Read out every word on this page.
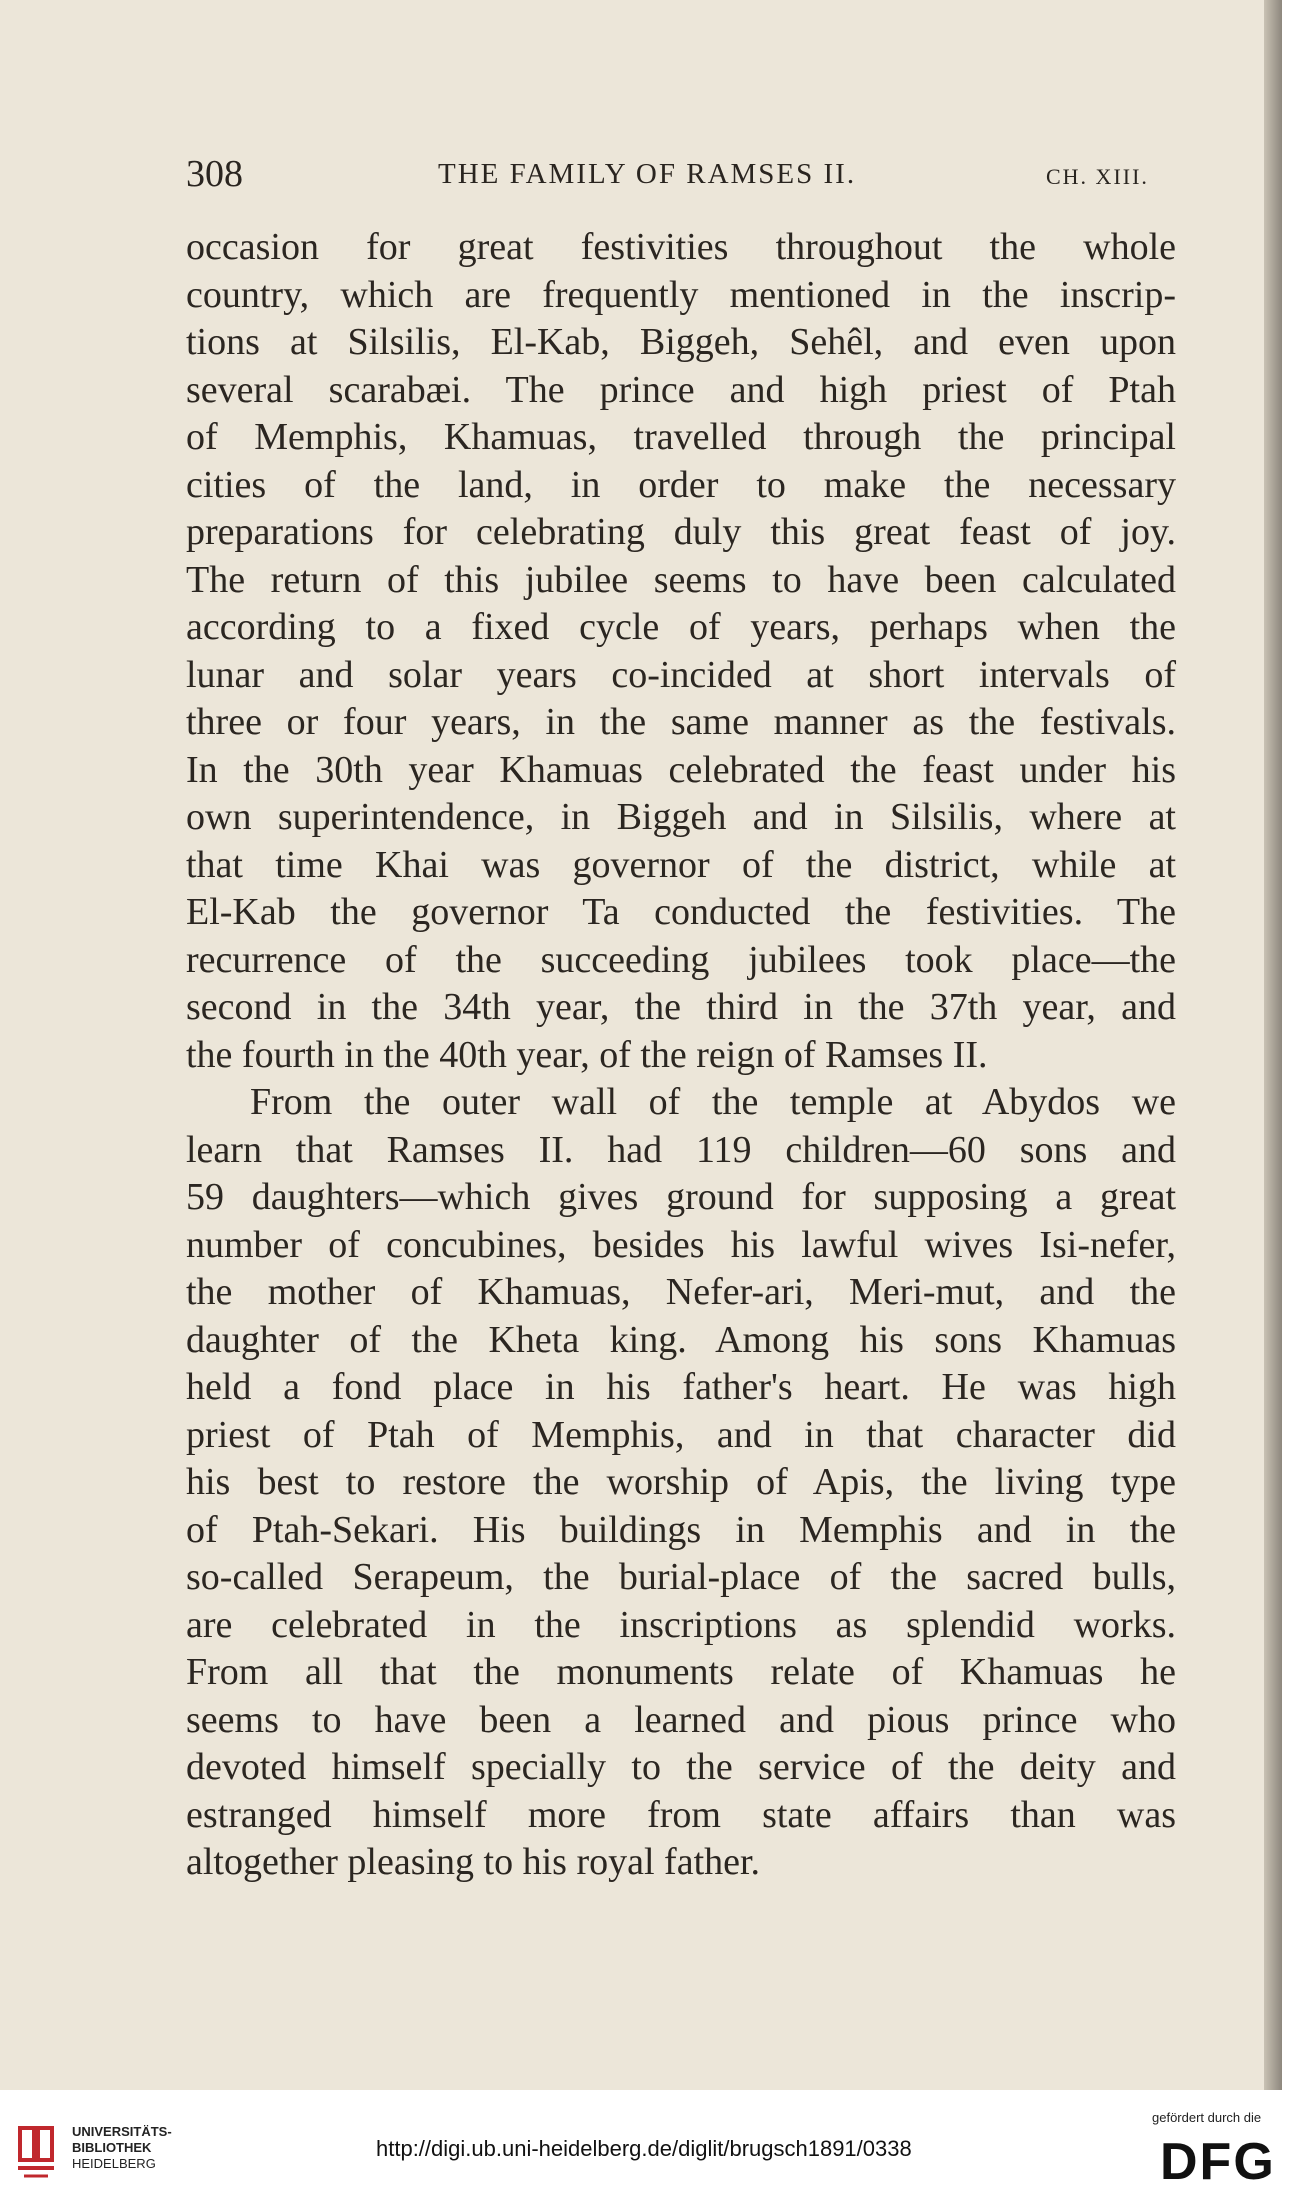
308	THE FAMILY OF RAMSES II.	CH. XIII.
occasion for great festivities throughout the whole
country, which are frequently mentioned in the inscrip-
tions at Silsilis, El-Kab, Biggeh, Sehêl, and even upon
several scarabæi. The prince and high priest of Ptah
of Memphis, Khamuas, travelled through the principal
cities of the land, in order to make the necessary
preparations for celebrating duly this great feast of joy.
The return of this jubilee seems to have been calculated
according to a fixed cycle of years, perhaps when the
lunar and solar years co-incided at short intervals of
three or four years, in the same manner as the festivals.
In the 30th year Khamuas celebrated the feast under his
own superintendence, in Biggeh and in Silsilis, where at
that time Khai was governor of the district, while at
El-Kab the governor Ta conducted the festivities. The
recurrence of the succeeding jubilees took place—the
second in the 34th year, the third in the 37th year, and
the fourth in the 40th year, of the reign of Ramses II.
From the outer wall of the temple at Abydos we
learn that Ramses II. had 119 children—60 sons and
59 daughters—which gives ground for supposing a great
number of concubines, besides his lawful wives Isi-nefer,
the mother of Khamuas, Nefer-ari, Meri-mut, and the
daughter of the Kheta king. Among his sons Khamuas
held a fond place in his father's heart. He was high
priest of Ptah of Memphis, and in that character did
his best to restore the worship of Apis, the living type
of Ptah-Sekari. His buildings in Memphis and in the
so-called Serapeum, the burial-place of the sacred bulls,
are celebrated in the inscriptions as splendid works.
From all that the monuments relate of Khamuas he
seems to have been a learned and pious prince who
devoted himself specially to the service of the deity and
estranged himself more from state affairs than was
altogether pleasing to his royal father.
UNIVERSITÄTS-
BIBLIOTHEK
HEIDELBERG
http://digi.ub.uni-heidelberg.de/diglit/brugsch1891/0338
gefördert durch die
DFG
